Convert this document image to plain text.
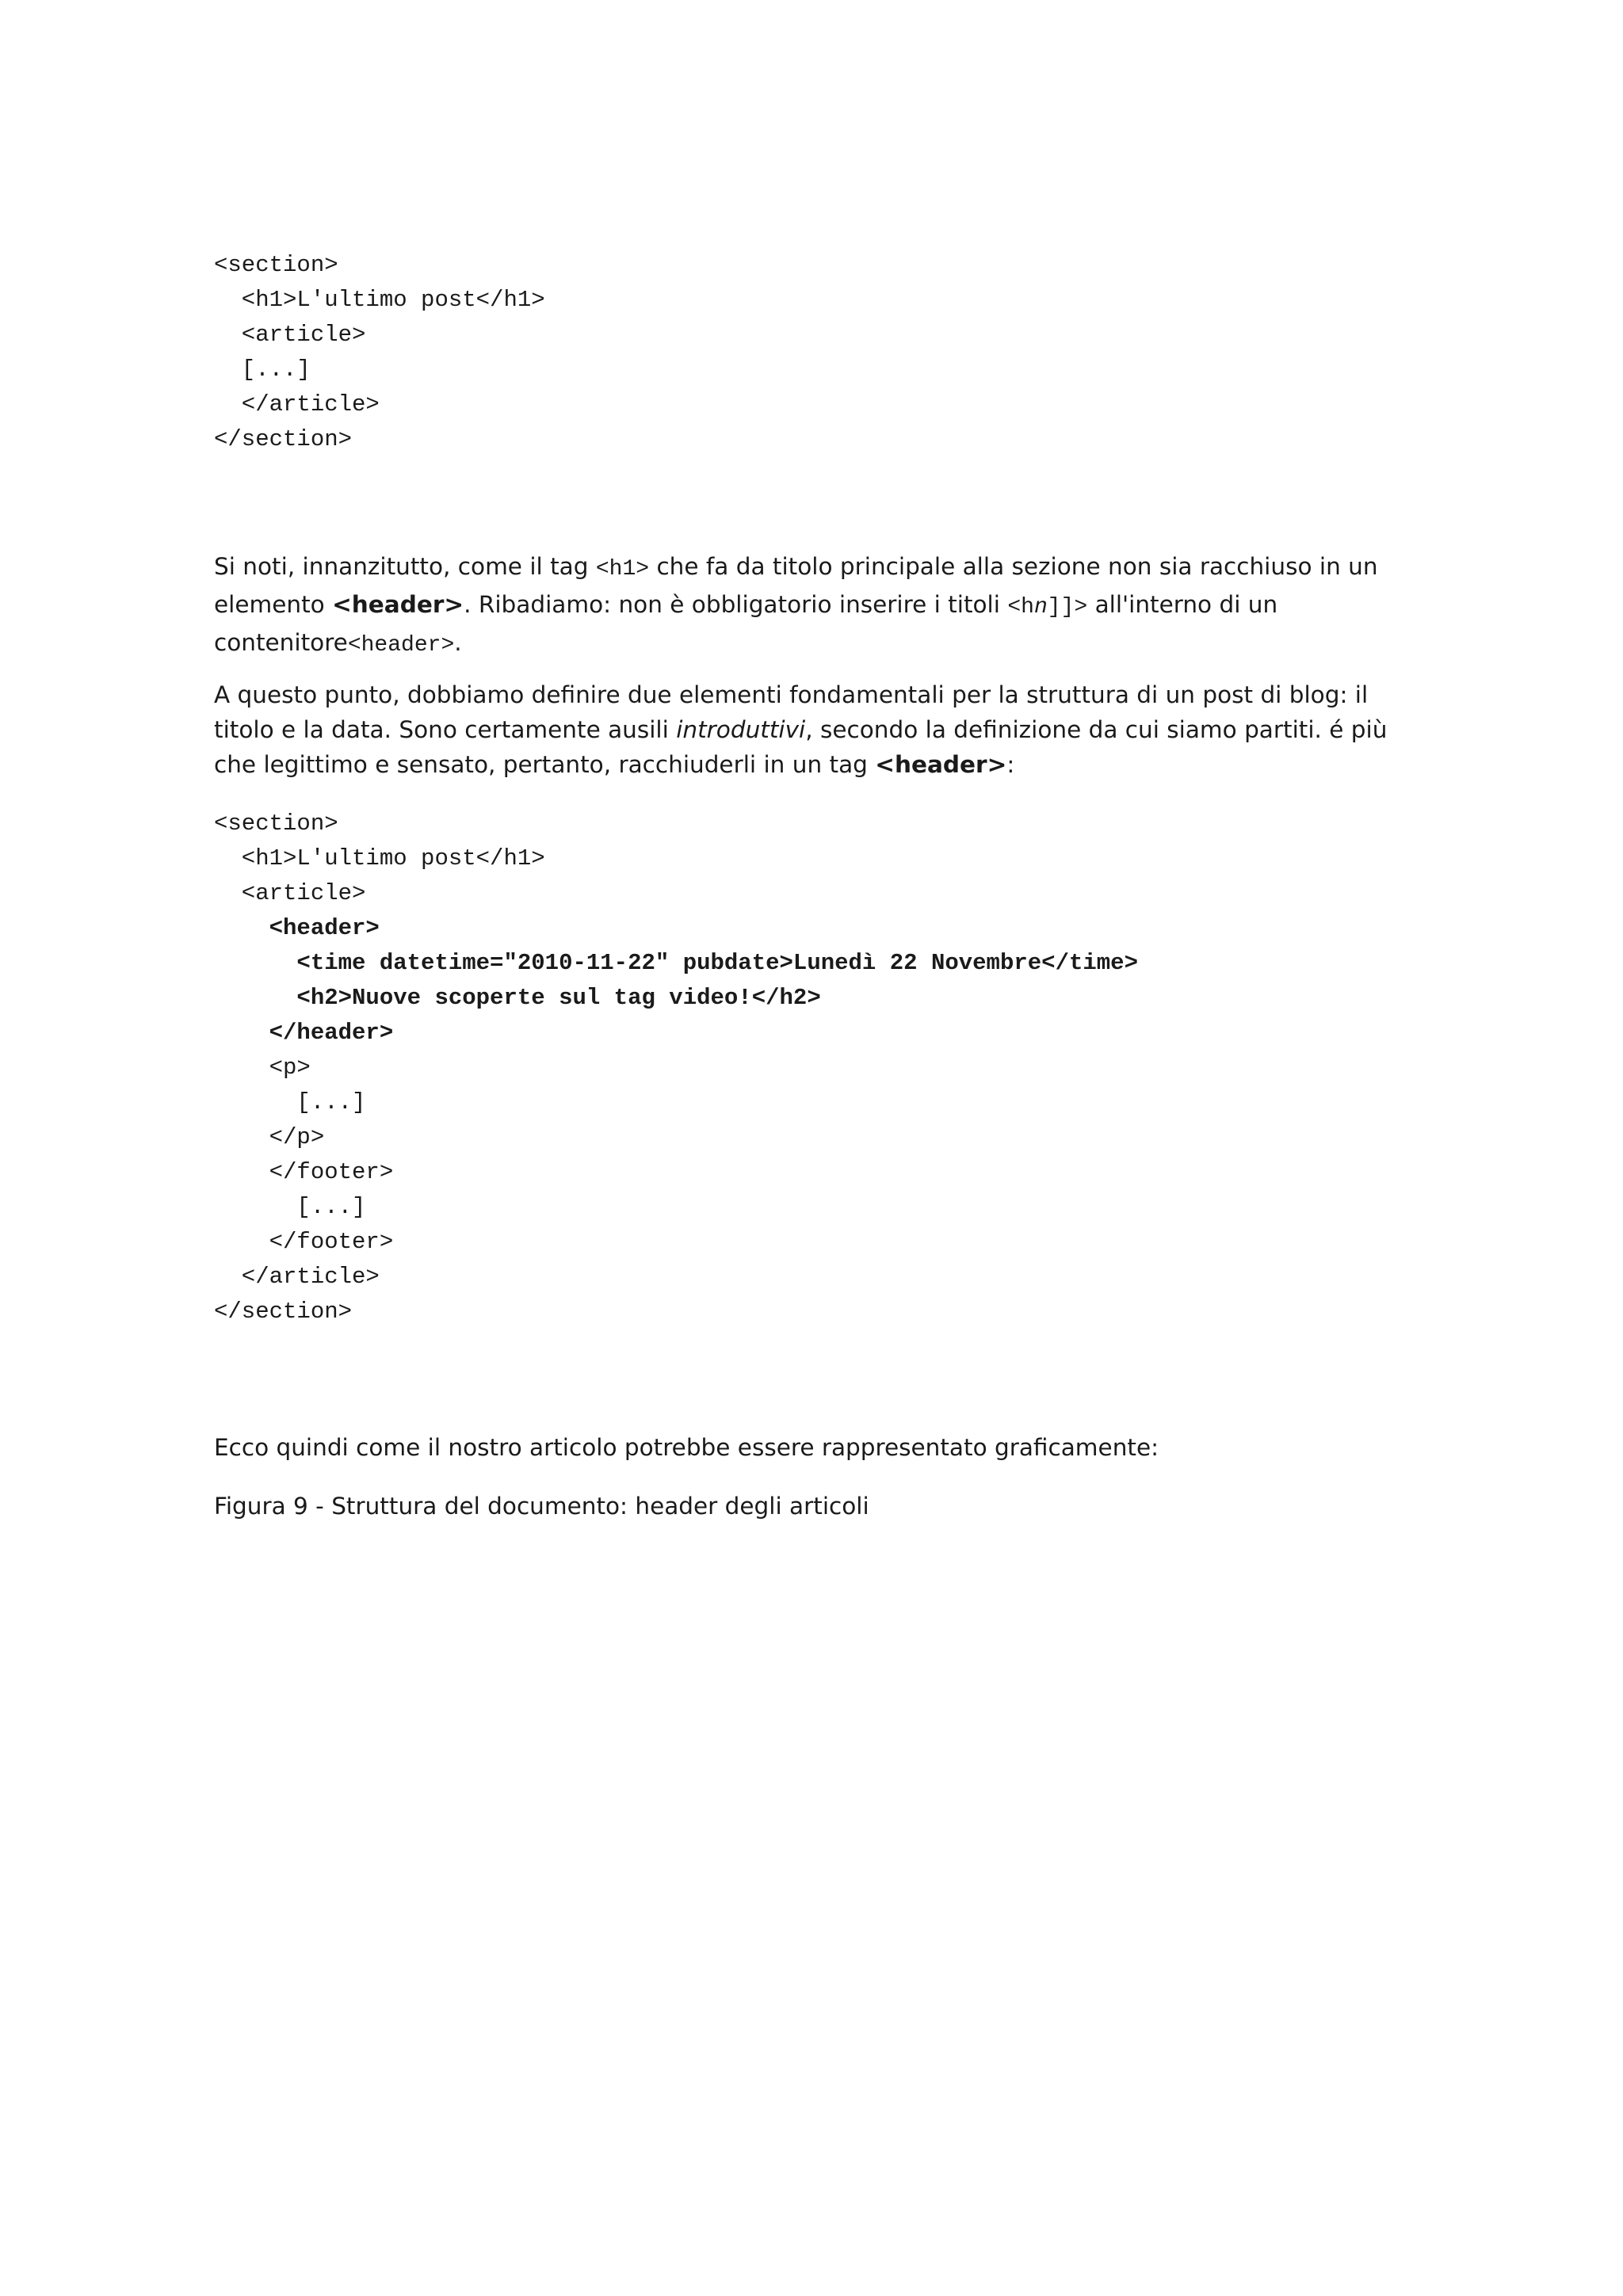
<section>
<h1>L'ultimo post</h1>
<article>
[...]
</article>
</section>

Si noti, innanzitutto, come il tag <h1> che fa da titolo principale alla sezione non sia racchiuso in un
elemento <header>. Ribadiamo: non è obbligatorio inserire i titoli <hn]]> all'interno di un
contenitore<header>.

A questo punto, dobbiamo definire due elementi fondamentali per la struttura di un post di blog: il
titolo e la data. Sono certamente ausili introduttivi, secondo la definizione da cui siamo partiti. é più
che legittimo e sensato, pertanto, racchiuderli in un tag <header>:

<section>
<h1>L'ultimo post</h1>
<article>
<header>
<time datetime="2010-11-22" pubdate>Lunedì 22 Novembre</time>
<h2>Nuove scoperte sul tag video!</h2>
</header>
<p>
[...]
</p>
</footer>
[...]
</footer>
</article>
</section>

Ecco quindi come il nostro articolo potrebbe essere rappresentato graficamente:

Figura 9 - Struttura del documento: header degli articoli
